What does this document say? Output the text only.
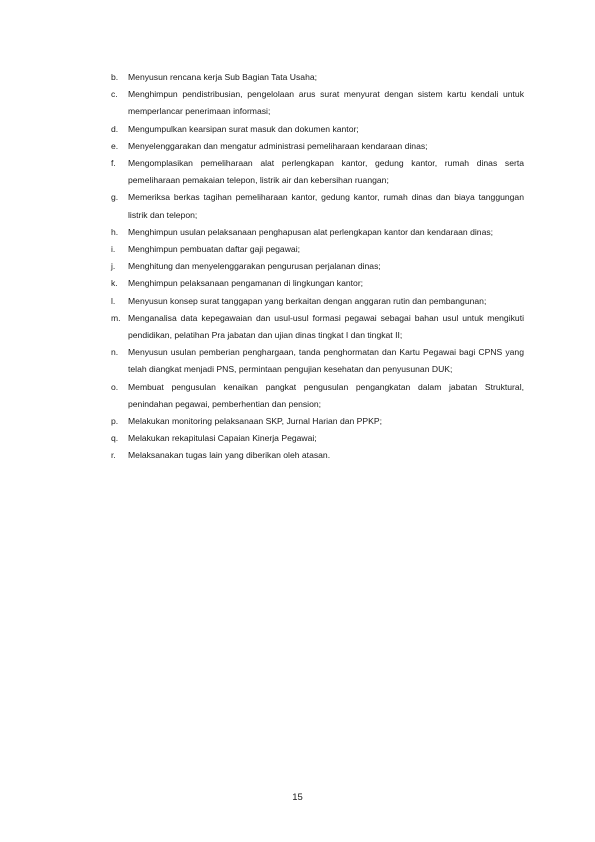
b.	Menyusun rencana kerja Sub Bagian Tata Usaha;
c.	Menghimpun pendistribusian, pengelolaan arus surat menyurat dengan sistem kartu kendali untuk memperlancar penerimaan informasi;
d.	Mengumpulkan kearsipan surat masuk dan dokumen kantor;
e.	Menyelenggarakan dan mengatur administrasi pemeliharaan kendaraan dinas;
f.	Mengomplasikan pemeliharaan alat perlengkapan kantor, gedung kantor, rumah dinas serta pemeliharaan pemakaian telepon, listrik air dan kebersihan ruangan;
g.	Memeriksa berkas tagihan pemeliharaan kantor, gedung kantor, rumah dinas dan biaya tanggungan listrik dan telepon;
h.	Menghimpun usulan pelaksanaan penghapusan alat perlengkapan kantor dan kendaraan dinas;
i.	Menghimpun pembuatan daftar gaji pegawai;
j.	Menghitung dan menyelenggarakan pengurusan perjalanan dinas;
k.	Menghimpun pelaksanaan pengamanan di lingkungan kantor;
l.	Menyusun konsep surat tanggapan yang berkaitan dengan anggaran rutin dan pembangunan;
m. Menganalisa data kepegawaian dan usul-usul formasi pegawai sebagai bahan usul untuk mengikuti pendidikan, pelatihan Pra jabatan dan ujian dinas tingkat I dan tingkat II;
n.	Menyusun usulan pemberian penghargaan, tanda penghormatan dan Kartu Pegawai bagi CPNS yang telah diangkat menjadi PNS, permintaan pengujian kesehatan dan penyusunan DUK;
o.	Membuat pengusulan kenaikan pangkat pengusulan pengangkatan dalam jabatan Struktural, penindahan pegawai, pemberhentian dan pension;
p.	Melakukan monitoring pelaksanaan SKP, Jurnal Harian dan PPKP;
q.	Melakukan rekapitulasi Capaian Kinerja Pegawai;
r.	Melaksanakan tugas lain yang diberikan oleh atasan.
15
